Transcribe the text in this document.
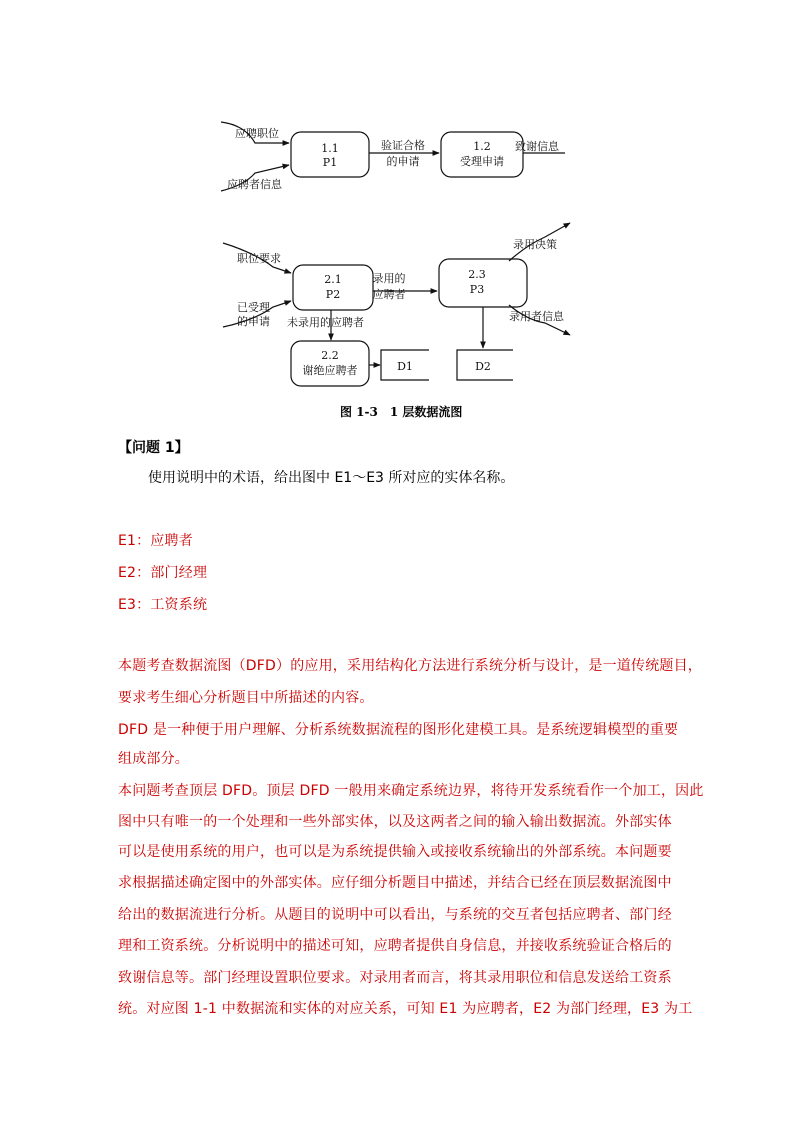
应聘职位
应聘者信息
1.1
P1
验证合格
的申请
1.2
受理申请
致谢信息
职位要求
已受理
的申请
2.1
P2
录用的
应聘者
2.3
P3
录用决策
录用者信息
未录用的应聘者
2.2
谢绝应聘者	D1	D2
图 1-3　1 层数据流图
【问题 1】
使用说明中的术语，给出图中 E1～E3 所对应的实体名称。
E1：应聘者
E2：部门经理
E3：工资系统
本题考查数据流图（DFD）的应用，采用结构化方法进行系统分析与设计，是一道传统题目，
要求考生细心分析题目中所描述的内容。
DFD 是一种便于用户理解、分析系统数据流程的图形化建模工具。是系统逻辑模型的重要
组成部分。
本问题考查顶层 DFD。顶层 DFD 一般用来确定系统边界，将待开发系统看作一个加工，因此
图中只有唯一的一个处理和一些外部实体，以及这两者之间的输入输出数据流。外部实体
可以是使用系统的用户，也可以是为系统提供输入或接收系统输出的外部系统。本问题要
求根据描述确定图中的外部实体。应仔细分析题目中描述，并结合已经在顶层数据流图中
给出的数据流进行分析。从题目的说明中可以看出，与系统的交互者包括应聘者、部门经
理和工资系统。分析说明中的描述可知，应聘者提供自身信息，并接收系统验证合格后的
致谢信息等。部门经理设置职位要求。对录用者而言，将其录用职位和信息发送给工资系
统。对应图 1-1 中数据流和实体的对应关系，可知 E1 为应聘者，E2 为部门经理，E3 为工
